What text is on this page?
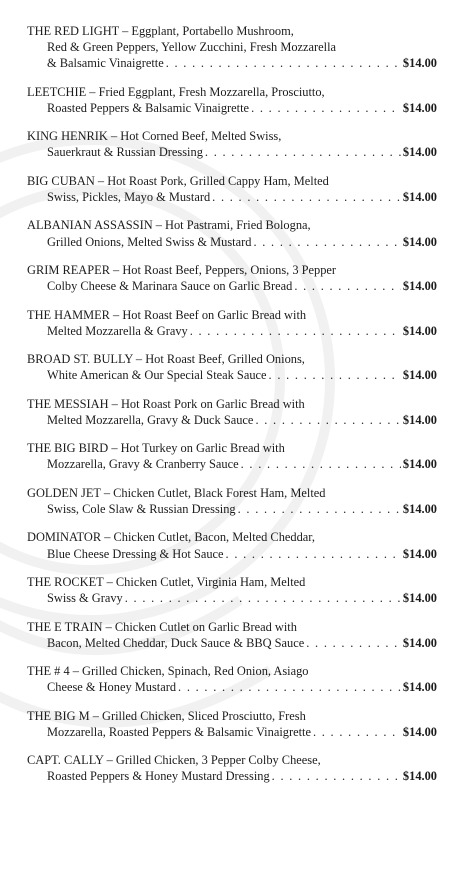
THE RED LIGHT – Eggplant, Portabello Mushroom,
Red & Green Peppers, Yellow Zucchini, Fresh Mozzarella
& Balsamic Vinaigrette . . .	$14.00
LEETCHIE – Fried Eggplant, Fresh Mozzarella, Prosciutto,
Roasted Peppers & Balsamic Vinaigrette . . .	$14.00
KING HENRIK – Hot Corned Beef, Melted Swiss,
Sauerkraut & Russian Dressing . . .	$14.00
BIG CUBAN – Hot Roast Pork, Grilled Cappy Ham, Melted
Swiss, Pickles, Mayo & Mustard . . .	$14.00
ALBANIAN ASSASSIN – Hot Pastrami, Fried Bologna,
Grilled Onions, Melted Swiss & Mustard . . .	$14.00
GRIM REAPER – Hot Roast Beef, Peppers, Onions, 3 Pepper
Colby Cheese & Marinara Sauce on Garlic Bread . . .	$14.00
THE HAMMER – Hot Roast Beef on Garlic Bread with
Melted Mozzarella & Gravy . . .	$14.00
BROAD ST. BULLY – Hot Roast Beef, Grilled Onions,
White American & Our Special Steak Sauce . . .	$14.00
THE MESSIAH – Hot Roast Pork on Garlic Bread with
Melted Mozzarella, Gravy & Duck Sauce . . .	$14.00
THE BIG BIRD – Hot Turkey on Garlic Bread with
Mozzarella, Gravy & Cranberry Sauce . . .	$14.00
GOLDEN JET – Chicken Cutlet, Black Forest Ham, Melted
Swiss, Cole Slaw & Russian Dressing . . .	$14.00
DOMINATOR – Chicken Cutlet, Bacon, Melted Cheddar,
Blue Cheese Dressing & Hot Sauce . . .	$14.00
THE ROCKET – Chicken Cutlet, Virginia Ham, Melted
Swiss & Gravy . . .	$14.00
THE E TRAIN – Chicken Cutlet on Garlic Bread with
Bacon, Melted Cheddar, Duck Sauce & BBQ Sauce . . .	$14.00
THE # 4 – Grilled Chicken, Spinach, Red Onion, Asiago
Cheese & Honey Mustard . . .	$14.00
THE BIG M – Grilled Chicken, Sliced Prosciutto, Fresh
Mozzarella, Roasted Peppers & Balsamic Vinaigrette . . .	$14.00
CAPT. CALLY – Grilled Chicken, 3 Pepper Colby Cheese,
Roasted Peppers & Honey Mustard Dressing . . .	$14.00
